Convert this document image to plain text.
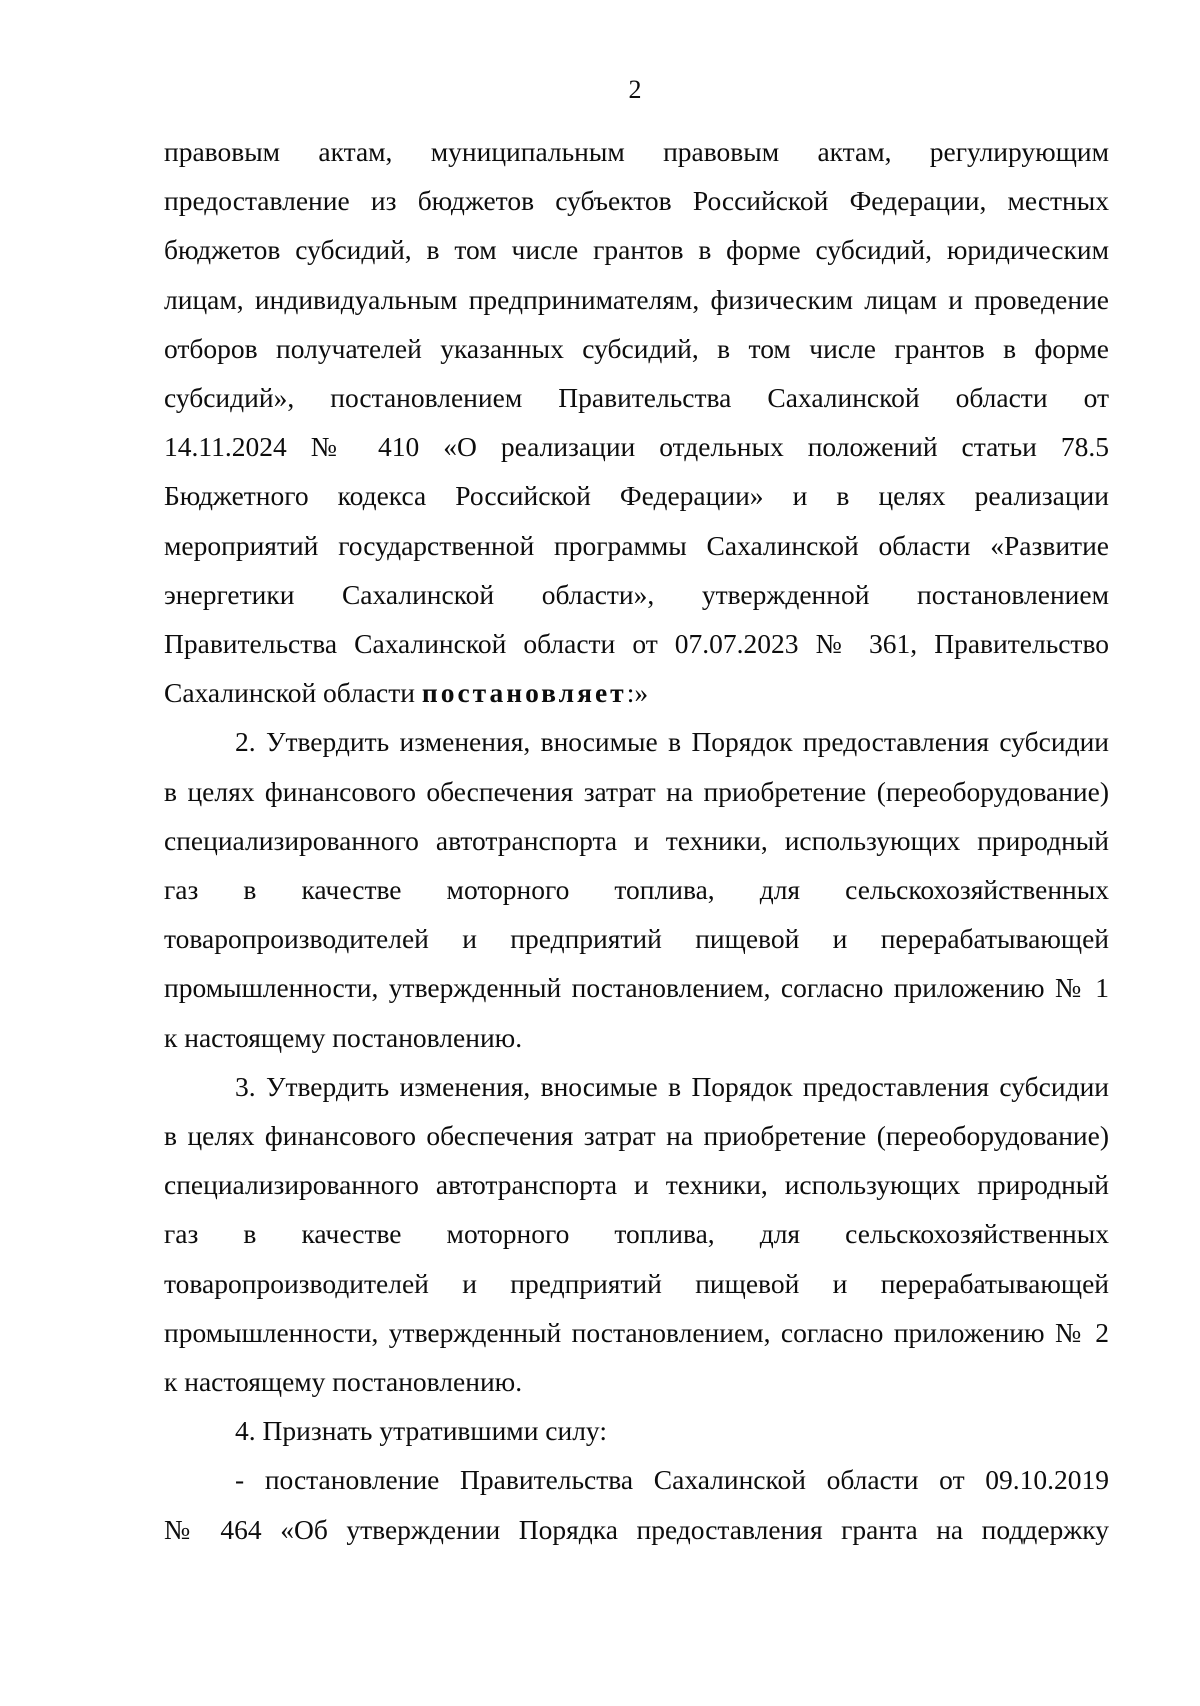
2

правовым актам, муниципальным правовым актам, регулирующим

предоставление из бюджетов субъектов Российской Федерации, местных

бюджетов субсидий, в том числе грантов в форме субсидий, юридическим

лицам, индивидуальным предпринимателям, физическим лицам и проведение

отборов получателей указанных субсидий, в том числе грантов в форме

субсидий», постановлением Правительства Сахалинской области от

14.11.2024 № 410 «О реализации отдельных положений статьи 78.5

Бюджетного кодекса Российской Федерации» и в целях реализации

мероприятий государственной программы Сахалинской области «Развитие

энергетики Сахалинской области», утвержденной постановлением

Правительства Сахалинской области от 07.07.2023 № 361, Правительство

Сахалинской области постановляет:»

2. Утвердить изменения, вносимые в Порядок предоставления субсидии

в целях финансового обеспечения затрат на приобретение (переоборудование)

специализированного автотранспорта и техники, использующих природный

газ в качестве моторного топлива, для сельскохозяйственных

товаропроизводителей и предприятий пищевой и перерабатывающей

промышленности, утвержденный постановлением, согласно приложению № 1

к настоящему постановлению.

3. Утвердить изменения, вносимые в Порядок предоставления субсидии

в целях финансового обеспечения затрат на приобретение (переоборудование)

специализированного автотранспорта и техники, использующих природный

газ в качестве моторного топлива, для сельскохозяйственных

товаропроизводителей и предприятий пищевой и перерабатывающей

промышленности, утвержденный постановлением, согласно приложению № 2

к настоящему постановлению.

4. Признать утратившими силу:

- постановление Правительства Сахалинской области от 09.10.2019

№ 464 «Об утверждении Порядка предоставления гранта на поддержку
